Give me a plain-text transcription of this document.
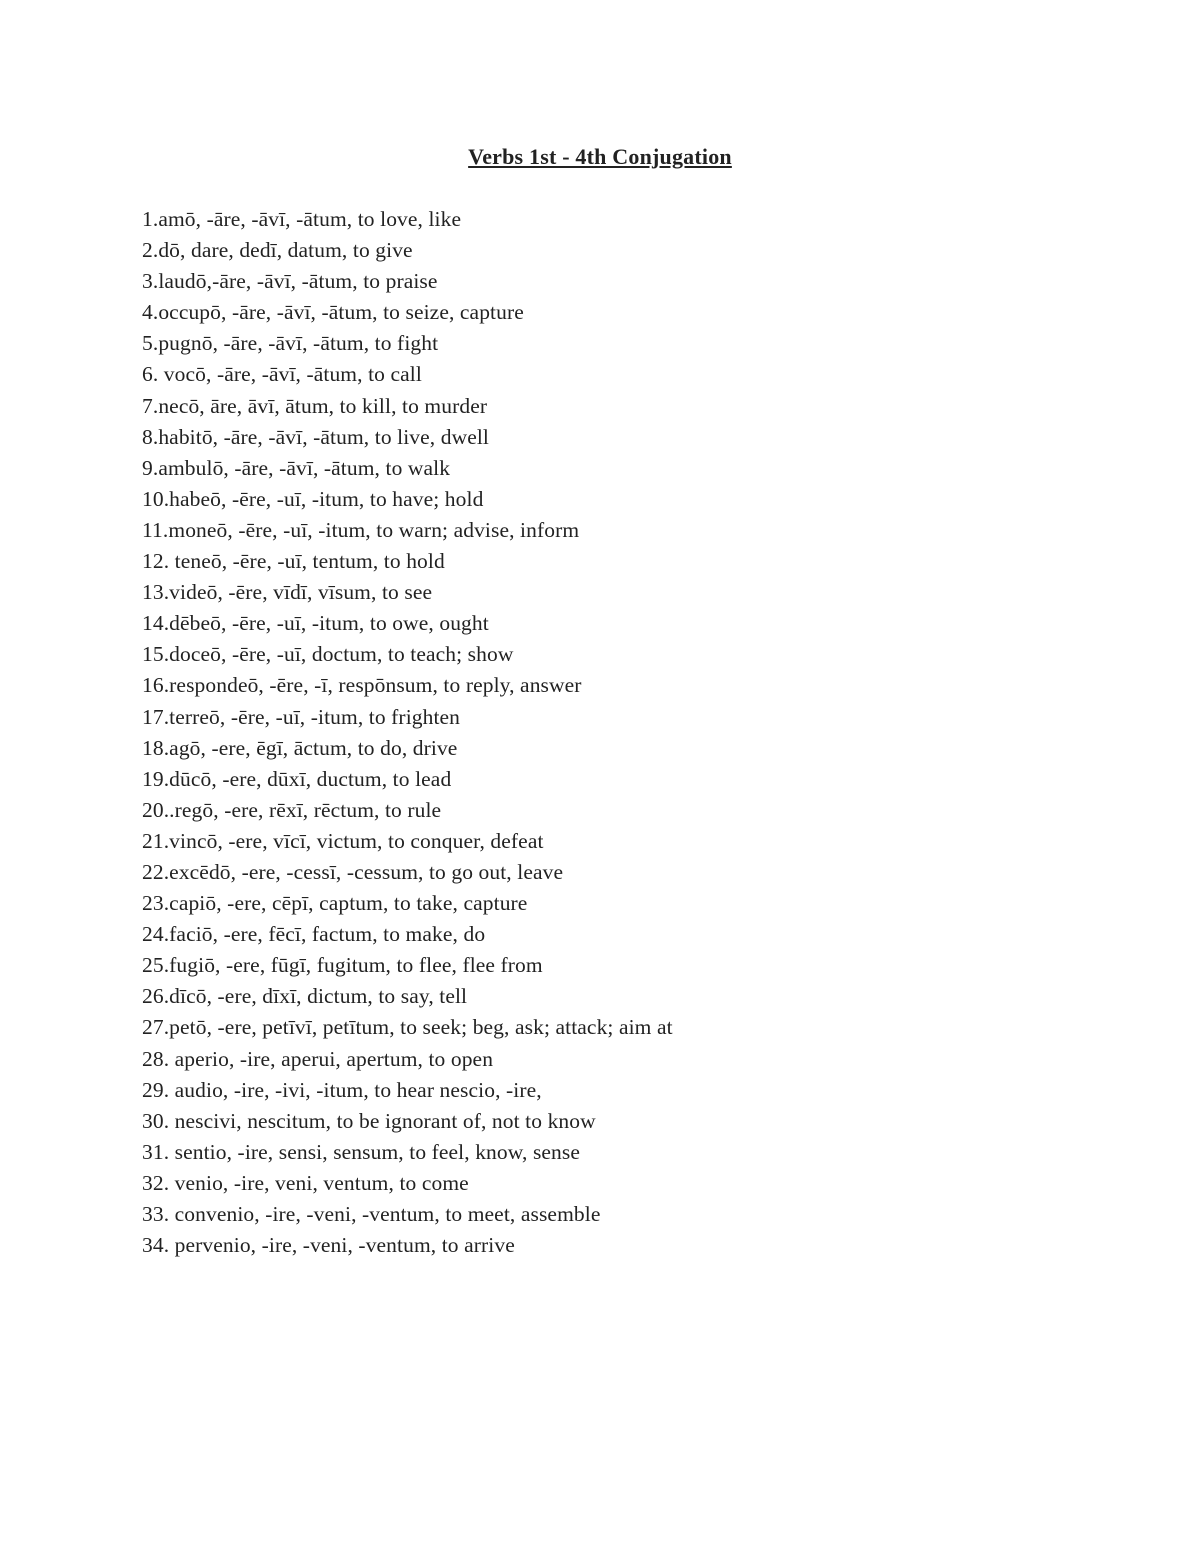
Verbs 1st - 4th Conjugation
1.amō, -āre, -āvī, -ātum, to love, like
2.dō, dare, dedī, datum, to give
3.laudō,-āre, -āvī, -ātum, to praise
4.occupō, -āre, -āvī, -ātum, to seize, capture
5.pugnō, -āre, -āvī, -ātum, to fight
6. vocō, -āre, -āvī, -ātum, to call
7.necō, āre, āvī, ātum, to kill, to murder
8.habitō, -āre, -āvī, -ātum, to live, dwell
9.ambulō, -āre, -āvī, -ātum, to walk
10.habeō, -ēre, -uī, -itum, to have; hold
11.moneō, -ēre, -uī, -itum, to warn; advise, inform
12. teneō, -ēre, -uī, tentum, to hold
13.videō, -ēre, vīdī, vīsum, to see
14.dēbeō, -ēre, -uī, -itum, to owe, ought
15.doceō, -ēre, -uī, doctum, to teach; show
16.respondeō, -ēre, -ī, respōnsum, to reply, answer
17.terreō, -ēre, -uī, -itum, to frighten
18.agō, -ere, ēgī, āctum, to do, drive
19.dūcō, -ere, dūxī, ductum, to lead
20..regō, -ere, rēxī, rēctum, to rule
21.vincō, -ere, vīcī, victum, to conquer, defeat
22.excēdō, -ere, -cessī, -cessum, to go out, leave
23.capiō, -ere, cēpī, captum, to take, capture
24.faciō, -ere, fēcī, factum, to make, do
25.fugiō, -ere, fūgī, fugitum, to flee, flee from
26.dīcō, -ere, dīxī, dictum, to say, tell
27.petō, -ere, petīvī, petītum, to seek; beg, ask; attack; aim at
28. aperio, -ire, aperui, apertum, to open
29. audio, -ire, -ivi, -itum, to hear nescio, -ire,
30. nescivi, nescitum, to be ignorant of, not to know
31. sentio, -ire, sensi, sensum, to feel, know, sense
32. venio, -ire, veni, ventum, to come
33. convenio, -ire, -veni, -ventum, to meet, assemble
34. pervenio, -ire, -veni, -ventum, to arrive
